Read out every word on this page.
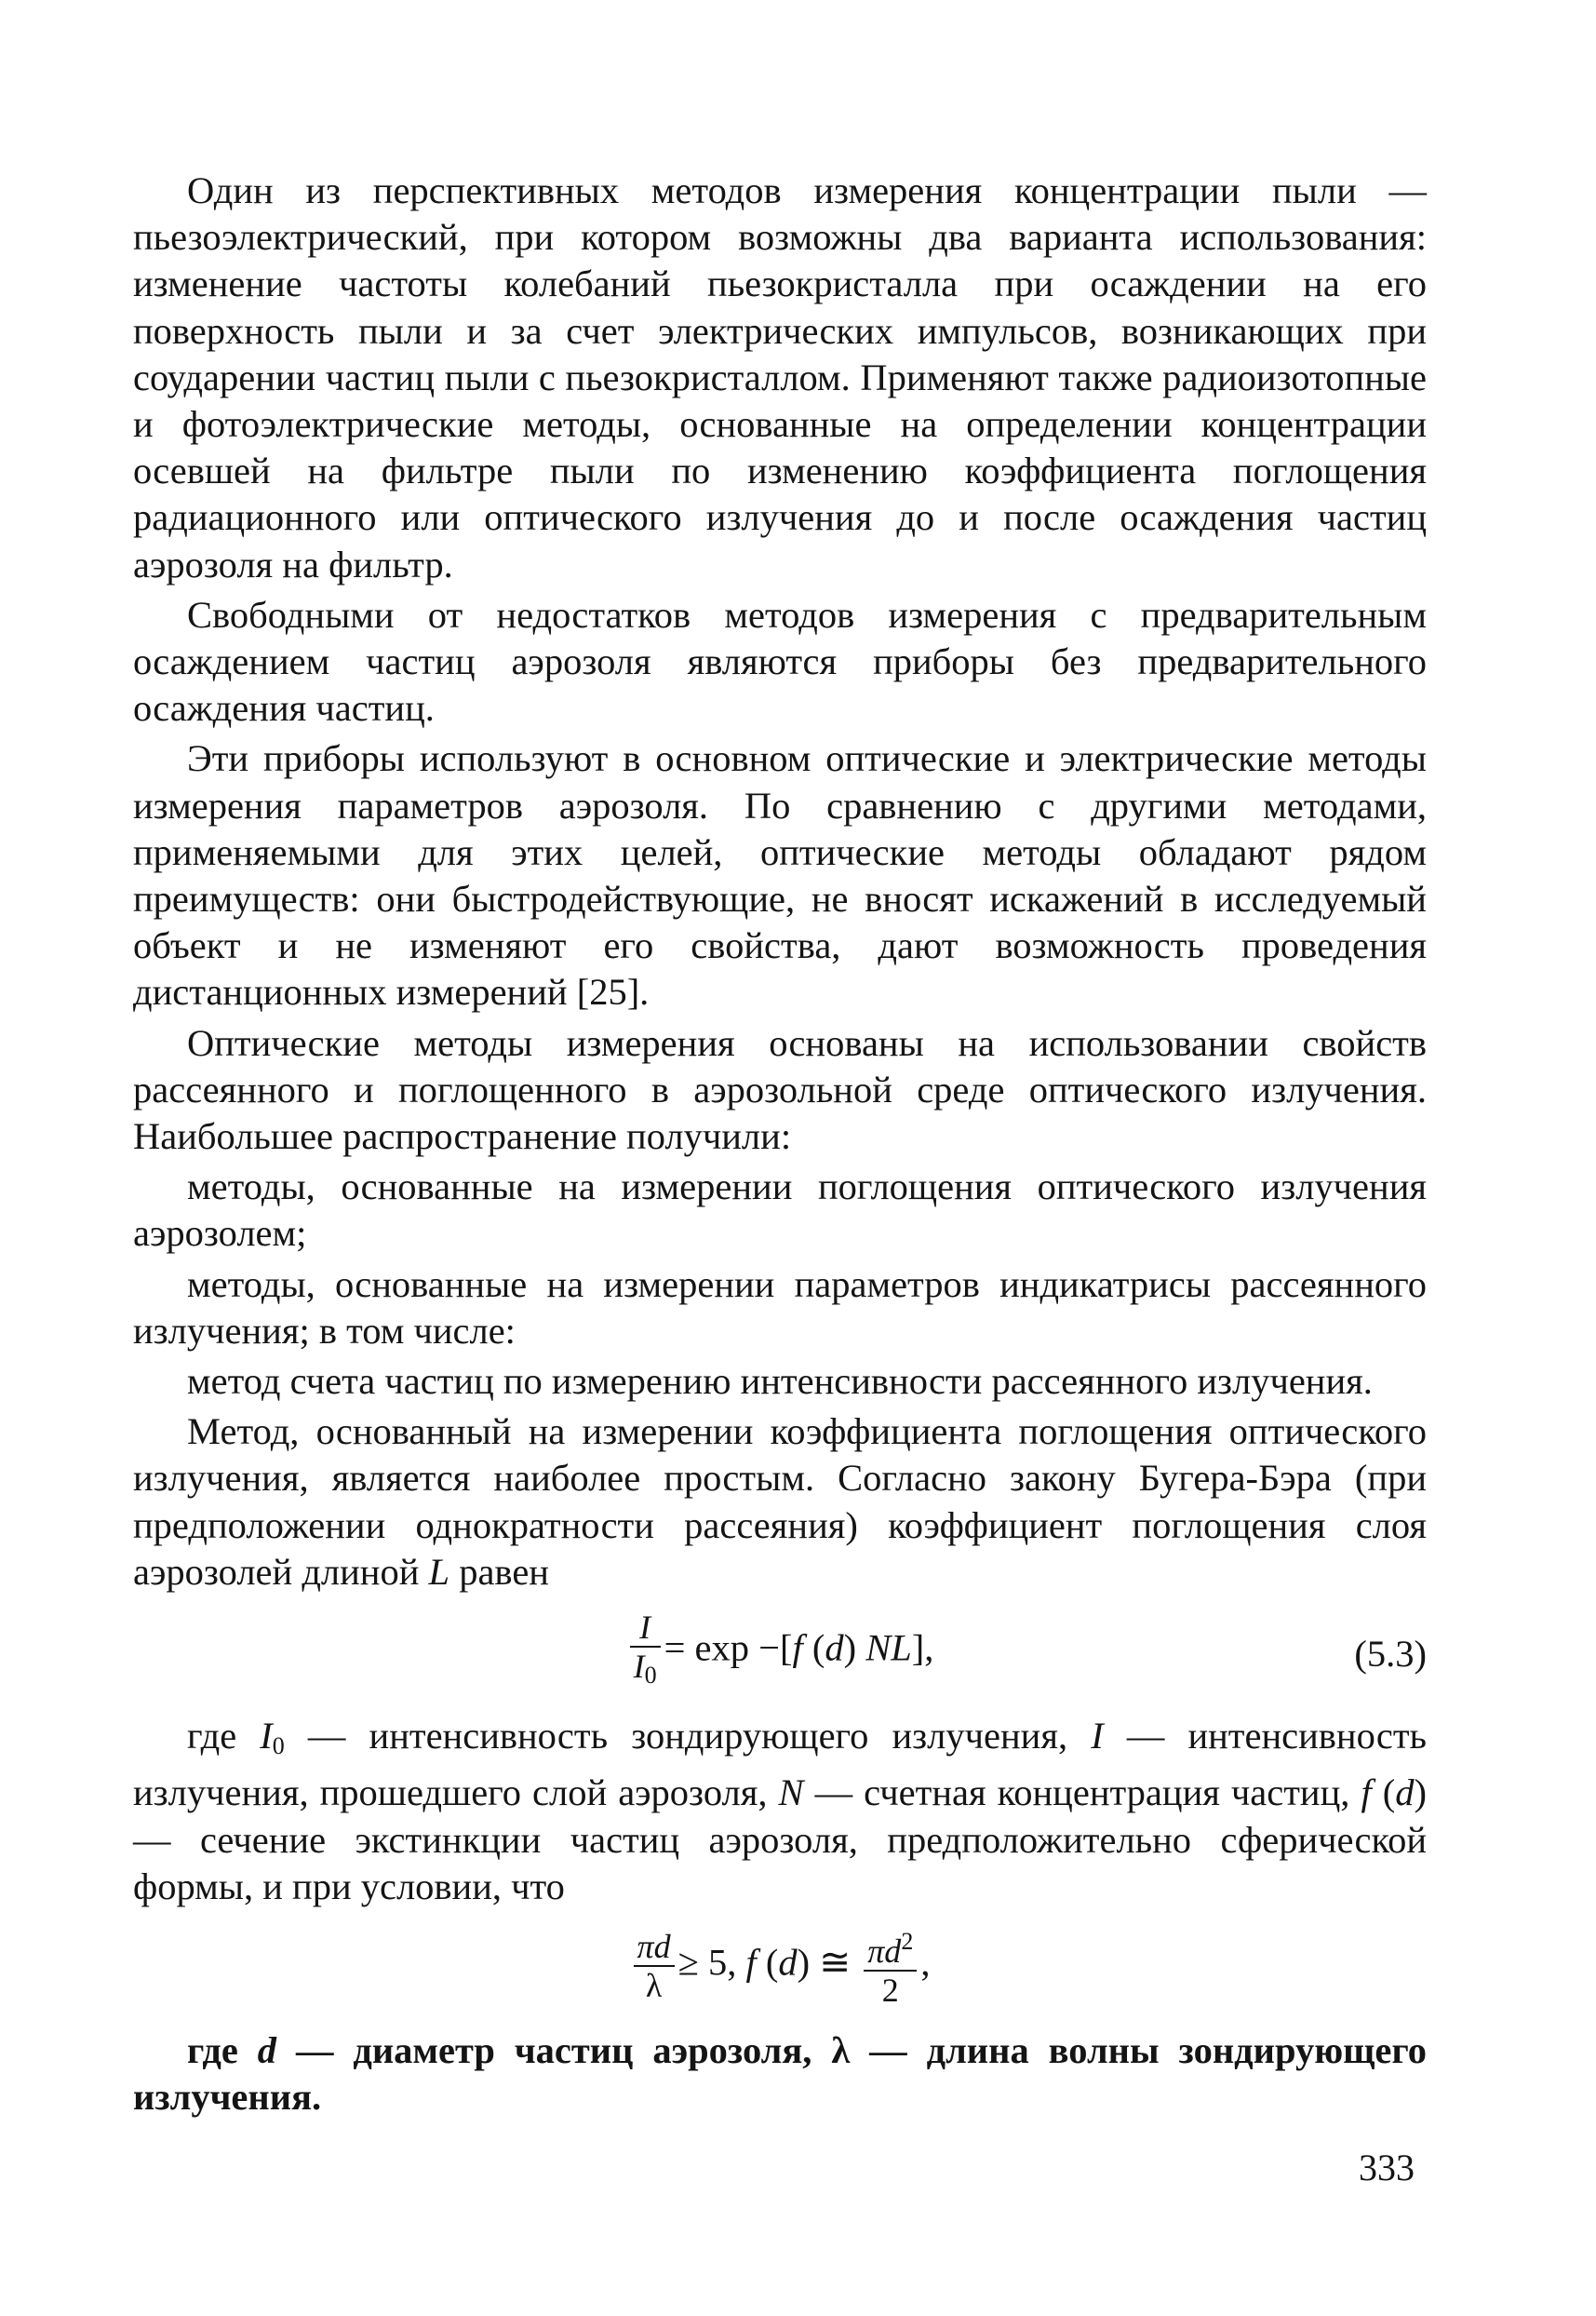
Один из перспективных методов измерения концентрации пыли — пьезоэлектрический, при котором возможны два варианта использования: изменение частоты колебаний пьезокристалла при осаждении на его поверхность пыли и за счет электрических импульсов, возникающих при соударении частиц пыли с пьезокристаллом. Применяют также радиоизотопные и фотоэлектрические методы, основанные на определении концентрации осевшей на фильтре пыли по изменению коэффициента поглощения радиационного или оптического излучения до и после осаждения частиц аэрозоля на фильтр.

Свободными от недостатков методов измерения с предварительным осаждением частиц аэрозоля являются приборы без предварительного осаждения частиц.

Эти приборы используют в основном оптические и электрические методы измерения параметров аэрозоля. По сравнению с другими методами, применяемыми для этих целей, оптические методы обладают рядом преимуществ: они быстродействующие, не вносят искажений в исследуемый объект и не изменяют его свойства, дают возможность проведения дистанционных измерений [25].

Оптические методы измерения основаны на использовании свойств рассеянного и поглощенного в аэрозольной среде оптического излучения. Наибольшее распространение получили:

методы, основанные на измерении поглощения оптического излучения аэрозолем;

методы, основанные на измерении параметров индикатрисы рассеянного излучения; в том числе:

метод счета частиц по измерению интенсивности рассеянного излучения.

Метод, основанный на измерении коэффициента поглощения оптического излучения, является наиболее простым. Согласно закону Бугера-Бэра (при предположении однократности рассеяния) коэффициент поглощения слоя аэрозолей длиной L равен

$\frac{I}{I_0} = \exp -[f$ (d) NL],	(5.3)

где $I_0$ — интенсивность зондирующего излучения, I — интенсивность излучения, прошедшего слой аэрозоля, N — счетная концентрация частиц, f (d) — сечение экстинкции частиц аэрозоля, предположительно сферической формы, и при условии, что

$\frac{\pi d}{\lambda} \ge 5$, f (d) ≅ $\frac{\pi d^2}{2}$ ,

где d — диаметр частиц аэрозоля, λ — длина волны зондирующего излучения.

333
